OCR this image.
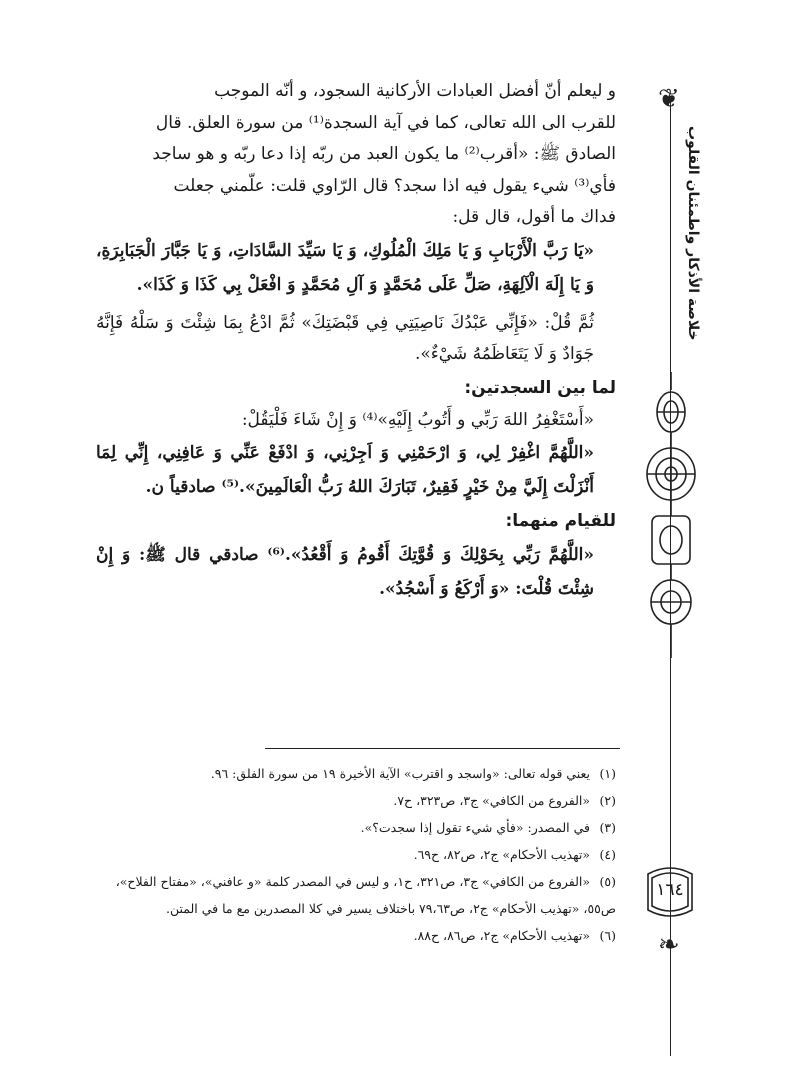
❦
خلاصة الأذكار واطمئنان القلوب
١٦٤
❧

و ليعلم أنّ أفضل العبادات الأركانية السجود، و أنّه الموجب

للقرب الى الله تعالى، كما في آية السجدة⁽¹⁾ من سورة العلق. قال

الصادق ﷺ: «أقرب⁽²⁾ ما يكون العبد من ربّه إذا دعا ربّه و هو ساجد

فأي⁽³⁾ شيء يقول فيه اذا سجد؟ قال الرّاوي قلت: علّمني جعلت

فداك ما أقول، قال قل:

«يَا رَبَّ الْأَرْبَابِ وَ يَا مَلِكَ الْمُلُوكِ، وَ يَا سَيِّدَ السَّادَاتِ، وَ يَا جَبَّارَ الْجَبَابِرَةِ، وَ يَا إِلَهَ الْآلِهَةِ، صَلِّ عَلَى مُحَمَّدٍ وَ آلِ مُحَمَّدٍ وَ افْعَلْ بِي كَذَا وَ كَذَا».

ثُمَّ قُلْ: «فَإِنِّي عَبْدُكَ نَاصِيَتِي فِي قَبْضَتِكَ» ثُمَّ ادْعُ بِمَا شِئْتَ وَ سَلْهُ فَإِنَّهُ جَوَادٌ وَ لَا يَتَعَاظَمُهُ شَيْءٌ».

لما بين السجدتين:

«أَسْتَغْفِرُ اللهَ رَبِّي و أَتُوبُ إِلَيْهِ»⁽⁴⁾ وَ إِنْ شَاءَ فَلْيَقُلْ:

«اللَّهُمَّ اغْفِرْ لِي، وَ ارْحَمْنِي وَ اَجِرْنِي، وَ ادْفَعْ عَنِّي وَ عَافِنِي، إِنِّي لِمَا أَنْزَلْتَ إِلَيَّ مِنْ خَيْرٍ فَقِيرٌ، تَبَارَكَ اللهُ رَبُّ الْعَالَمِينَ».⁽⁵⁾ صادقياً ن.

للقيام منهما:

«اللَّهُمَّ رَبِّي بِحَوْلِكَ وَ قُوَّتِكَ أَقُومُ وَ أَقْعُدُ».⁽⁶⁾ صادقي قال ﷺ: وَ إِنْ شِئْتَ قُلْتَ: «وَ أَرْكَعُ وَ أَسْجُدُ».

(١) يعني قوله تعالى: «واسجد و اقترب» الآية الأخيرة ١٩ من سورة الفلق: ٩٦.

(٢) «الفروع من الكافي» ج٣، ص٣٢٣، ح٧.

(٣) في المصدر: «فأي شيء تقول إذا سجدت؟».

(٤) «تهذيب الأحكام» ج٢، ص٨٢، ح٦٩.

(٥) «الفروع من الكافي» ج٣، ص٣٢١، ح١، و ليس في المصدر كلمة «و عافني»، «مفتاح الفلاح»، ص٥٥، «تهذيب الأحكام» ج٢، ص٧٩،٦٣ باختلاف يسير في كلا المصدرين مع ما في المتن.

(٦) «تهذيب الأحكام» ج٢، ص٨٦، ح٨٨.
